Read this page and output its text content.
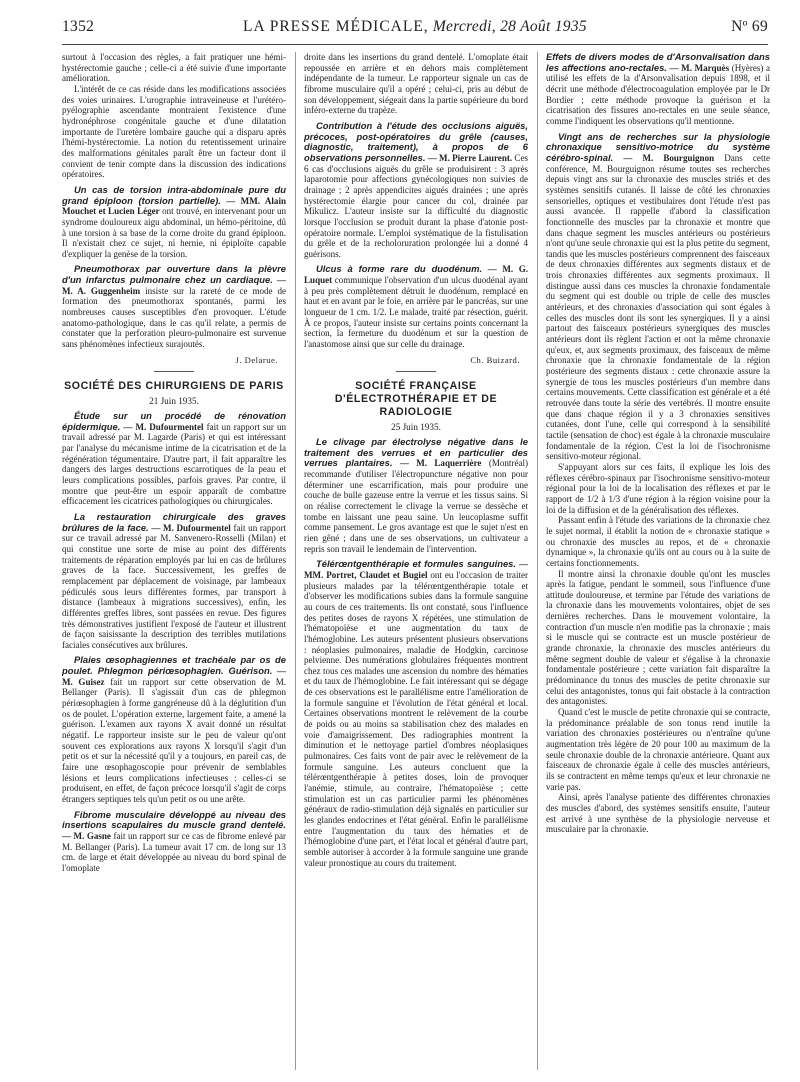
1352	LA PRESSE MÉDICALE, Mercredi, 28 Août 1935	Nº 69

surtout à l'occasion des règles, a fait pratiquer une hémi-hystérectomie gauche ; celle-ci a été suivie d'une importante amélioration.

L'intérêt de ce cas réside dans les modifications associées des voies urinaires. L'urographie intraveineuse et l'urétéro-pyélographie ascendante montraient l'existence d'une hydronéphrose congénitale gauche et d'une dilatation importante de l'uretère lombaire gauche qui a disparu après l'hémi-hystérectomie. La notion du retentissement urinaire des malformations génitales paraît être un facteur dont il convient de tenir compte dans la discussion des indications opératoires.

Un cas de torsion intra-abdominale pure du grand épiploon (torsion partielle). — MM. Alain Mouchet et Lucien Léger ont trouvé, en intervenant pour un syndrome douloureux aigu abdominal, un hémo-péritoine, dû à une torsion à sa base de la corne droite du grand épiploon. Il n'existait chez ce sujet, ni hernie, ni épiploïte capable d'expliquer la genèse de la torsion.

Pneumothorax par ouverture dans la plèvre d'un infarctus pulmonaire chez un cardiaque. — M. A. Guggenheim insiste sur la rareté de ce mode de formation des pneumothorax spontanés, parmi les nombreuses causes susceptibles d'en provoquer. L'étude anatomo-pathologique, dans le cas qu'il relate, a permis de constater que la perforation pleuro-pulmonaire est survenue sans phénomènes infectieux surajoutés.

J. Delarue.
SOCIÉTÉ DES CHIRURGIENS DE PARIS
21 Juin 1935.

Étude sur un procédé de rénovation épidermique. — M. Dufourmentel fait un rapport sur un travail adressé par M. Lagarde (Paris) et qui est intéressant par l'analyse du mécanisme intime de la cicatrisation et de la régénération tégumentaire. D'autre part, il fait apparaître les dangers des larges destructions escarrotiques de la peau et leurs complications possibles, parfois graves. Par contre, il montre que peut-être un espoir apparaît de combattre efficacement les cicatrices pathologiques ou chirurgicales.

La restauration chirurgicale des graves brûlures de la face. — M. Dufourmentel fait un rapport sur ce travail adressé par M. Sanvenero-Rosselli (Milan) et qui constitue une sorte de mise au point des différents traitements de réparation employés par lui en cas de brûlures graves de la face. Successivement, les greffes de remplacement par déplacement de voisinage, par lambeaux pédiculés sous leurs différentes formes, par transport à distance (lambeaux à migrations successives), enfin, les différentes greffes libres, sont passées en revue. Des figures très démonstratives justifient l'exposé de l'auteur et illustrent de façon saisissante la description des terribles mutilations faciales consécutives aux brûlures.

Plaies œsophagiennes et trachéale par os de poulet. Phlegmon périœsophagien. Guérison. — M. Guisez fait un rapport sur cette observation de M. Bellanger (Paris). Il s'agissait d'un cas de phlegmon périœsophagien à forme gangréneuse dû à la déglutition d'un os de poulet. L'opération externe, largement faite, a amené la guérison. L'examen aux rayons X avait donné un résultat négatif. Le rapporteur insiste sur le peu de valeur qu'ont souvent ces explorations aux rayons X lorsqu'il s'agit d'un petit os et sur la nécessité qu'il y a toujours, en pareil cas, de faire une œsophagoscopie pour prévenir de semblables lésions et leurs complications infectieuses : celles-ci se produisent, en effet, de façon précoce lorsqu'il s'agit de corps étrangers septiques tels qu'un petit os ou une arête.

Fibrome musculaire développé au niveau des insertions scapulaires du muscle grand dentelé. — M. Gasne fait un rapport sur ce cas de fibrome enlevé par M. Bellanger (Paris). La tumeur avait 17 cm. de long sur 13 cm. de large et était développée au niveau du bord spinal de l'omoplate

droite dans les insertions du grand dentelé. L'omoplate était repoussée en arrière et en dehors mais complètement indépendante de la tumeur. Le rapporteur signale un cas de fibrome musculaire qu'il a opéré ; celui-ci, pris au début de son développement, siégeait dans la partie supérieure du bord inféro-externe du trapèze.

Contribution à l'étude des occlusions aiguës, précoces, post-opératoires du grêle (causes, diagnostic, traitement), à propos de 6 observations personnelles. — M. Pierre Laurent. Ces 6 cas d'occlusions aiguës du grêle se produisirent : 3 après laparotomie pour affections gynécologiques non suivies de drainage ; 2 après appendicites aiguës drainées ; une après hystérectomie élargie pour cancer du col, drainée par Mikulicz. L'auteur insiste sur la difficulté du diagnostic lorsque l'occlusion se produit durant la phase d'atonie post-opératoire normale. L'emploi systématique de la fistulisation du grêle et de la recholoruration prolongée lui a donné 4 guérisons.

Ulcus à forme rare du duodénum. — M. G. Luquet communique l'observation d'un ulcus duodénal ayant à peu près complètement détruit le duodénum, remplacé en haut et en avant par le foie, en arrière par le pancréas, sur une longueur de 1 cm. 1/2. Le malade, traité par résection, guérit. À ce propos, l'auteur insiste sur certains points concernant la section, la fermeture du duodénum et sur la question de l'anastomose ainsi que sur celle du drainage.

Ch. Buizard.
SOCIÉTÉ FRANÇAISE D'ÉLECTROTHÉRAPIE ET DE RADIOLOGIE
25 Juin 1935.

Le clivage par électrolyse négative dans le traitement des verrues et en particulier des verrues plantaires. — M. Laquerrière (Montréal) recommande d'utiliser l'électropuncture négative non pour déterminer une escarrification, mais pour produire une couche de bulle gazeuse entre la verrue et les tissus sains. Si on réalise correctement le clivage la verrue se dessèche et tombe en laissant une peau saine. Un leucoplasme suffit comme pansement. Le gros avantage est que le sujet n'est en rien gêné ; dans une de ses observations, un cultivateur a repris son travail le lendemain de l'intervention.

Télérœntgenthérapie et formules sanguines. — MM. Portret, Claudet et Bugiel ont eu l'occasion de traiter plusieurs malades par la télérœntgenthérapie totale et d'observer les modifications subies dans la formule sanguine au cours de ces traitements. Ils ont constaté, sous l'influence des petites doses de rayons X répétées, une stimulation de l'hématopoïèse et une augmentation du taux de l'hémoglobine. Les auteurs présentent plusieurs observations : néoplasies pulmonaires, maladie de Hodgkin, carcinose pelvienne. Des numérations globulaires fréquentes montrent chez tous ces malades une ascension du nombre des hématies et du taux de l'hémoglobine. Le fait intéressant qui se dégage de ces observations est le parallélisme entre l'amélioration de la formule sanguine et l'évolution de l'état général et local. Certaines observations montrent le relèvement de la courbe de poids ou au moins sa stabilisation chez des malades en voie d'amaigrissement. Des radiographies montrent la diminution et le nettoyage partiel d'ombres néoplasiques pulmonaires. Ces faits vont de pair avec le relèvement de la formule sanguine. Les auteurs concluent que la télérœntgenthérapie à petites doses, loin de provoquer l'anémie, stimule, au contraire, l'hématopoïèse ; cette stimulation est un cas particulier parmi les phénomènes généraux de radio-stimulation déjà signalés en particulier sur les glandes endocrines et l'état général. Enfin le parallélisme entre l'augmentation du taux des hématies et de l'hémoglobine d'une part, et l'état local et général d'autre part, semble autoriser à accorder à la formule sanguine une grande valeur pronostique au cours du traitement.

Effets de divers modes de d'Arsonvalisation dans les affections ano-rectales. — M. Marquès (Hyères) a utilisé les effets de la d'Arsonvalisation depuis 1898, et il décrit une méthode d'électrocoagulation employée par le Dr Bordier ; cette méthode provoque la guérison et la cicatrisation des fissures ano-rectales en une seule séance, comme l'indiquent les observations qu'il mentionne.

Vingt ans de recherches sur la physiologie chronaxique sensitivo-motrice du système cérébro-spinal. — M. Bourguignon Dans cette conférence, M. Bourguignon résume toutes ses recherches depuis vingt ans sur la chronaxie des muscles striés et des systèmes sensitifs cutanés. Il laisse de côté les chronaxies sensorielles, optiques et vestibulaires dont l'étude n'est pas aussi avancée. Il rappelle d'abord la classification fonctionnelle des muscles par la chronaxie et montre que dans chaque segment les muscles antérieurs ou postérieurs n'ont qu'une seule chronaxie qui est la plus petite du segment, tandis que les muscles postérieurs comprennent des faisceaux de deux chronaxies différentes aux segments distaux et de trois chronaxies différentes aux segments proximaux. Il distingue aussi dans ces muscles la chronaxie fondamentale du segment qui est double ou triple de celle des muscles antérieurs, et des chronaxies d'association qui sont égales à celles des muscles dont ils sont les synergiques. Il y a ainsi partout des faisceaux postérieurs synergiques des muscles antérieurs dont ils règlent l'action et ont la même chronaxie qu'eux, et, aux segments proximaux, des faisceaux de même chronaxie que la chronaxie fondamentale de la région postérieure des segments distaux : cette chronaxie assure la synergie de tous les muscles postérieurs d'un membre dans certains mouvements. Cette classification est générale et a été retrouvée dans toute la série des vertébrés. Il montre ensuite que dans chaque région il y a 3 chronaxies sensitives cutanées, dont l'une, celle qui correspond à la sensibilité tactile (sensation de choc) est égale à la chronaxie musculaire fondamentale de la région. C'est la loi de l'isochronisme sensitivo-moteur régional.

S'appuyant alors sur ces faits, il explique les lois des réflexes cérébro-spinaux par l'isochronisme sensitivo-moteur régional pour la loi de la localisation des réflexes et par le rapport de 1/2 à 1/3 d'une région à la région voisine pour la loi de la diffusion et de la généralisation des réflexes.

Passant enfin à l'étude des variations de la chronaxie chez le sujet normal, il établit la notion de « chronaxie statique » ou chronaxie des muscles au repos, et de « chronaxie dynamique », la chronaxie qu'ils ont au cours ou à la suite de certains fonctionnements.

Il montre ainsi la chronaxie double qu'ont les muscles après la fatigue, pendant le sommeil, sous l'influence d'une attitude douloureuse, et termine par l'étude des variations de la chronaxie dans les mouvements volontaires, objet de ses dernières recherches. Dans le mouvement volontaire, la contraction d'un muscle n'en modifie pas la chronaxie ; mais si le muscle qui se contracte est un muscle postérieur de grande chronaxie, la chronaxie des muscles antérieurs du même segment double de valeur et s'égalise à la chronaxie fondamentale postérieure ; cette variation fait disparaître la prédominance du tonus des muscles de petite chronaxie sur celui des antagonistes, tonus qui fait obstacle à la contraction des antagonistes.

Quand c'est le muscle de petite chronaxie qui se contracte, la prédominance préalable de son tonus rend inutile la variation des chronaxies postérieures ou n'entraîne qu'une augmentation très légère de 20 pour 100 au maximum de la seule chronaxie double de la chronaxie antérieure. Quant aux faisceaux de chronaxie égale à celle des muscles antérieurs, ils se contractent en même temps qu'eux et leur chronaxie ne varie pas.

Ainsi, après l'analyse patiente des différentes chronaxies des muscles d'abord, des systèmes sensitifs ensuite, l'auteur est arrivé à une synthèse de la physiologie nerveuse et musculaire par la chronaxie.
